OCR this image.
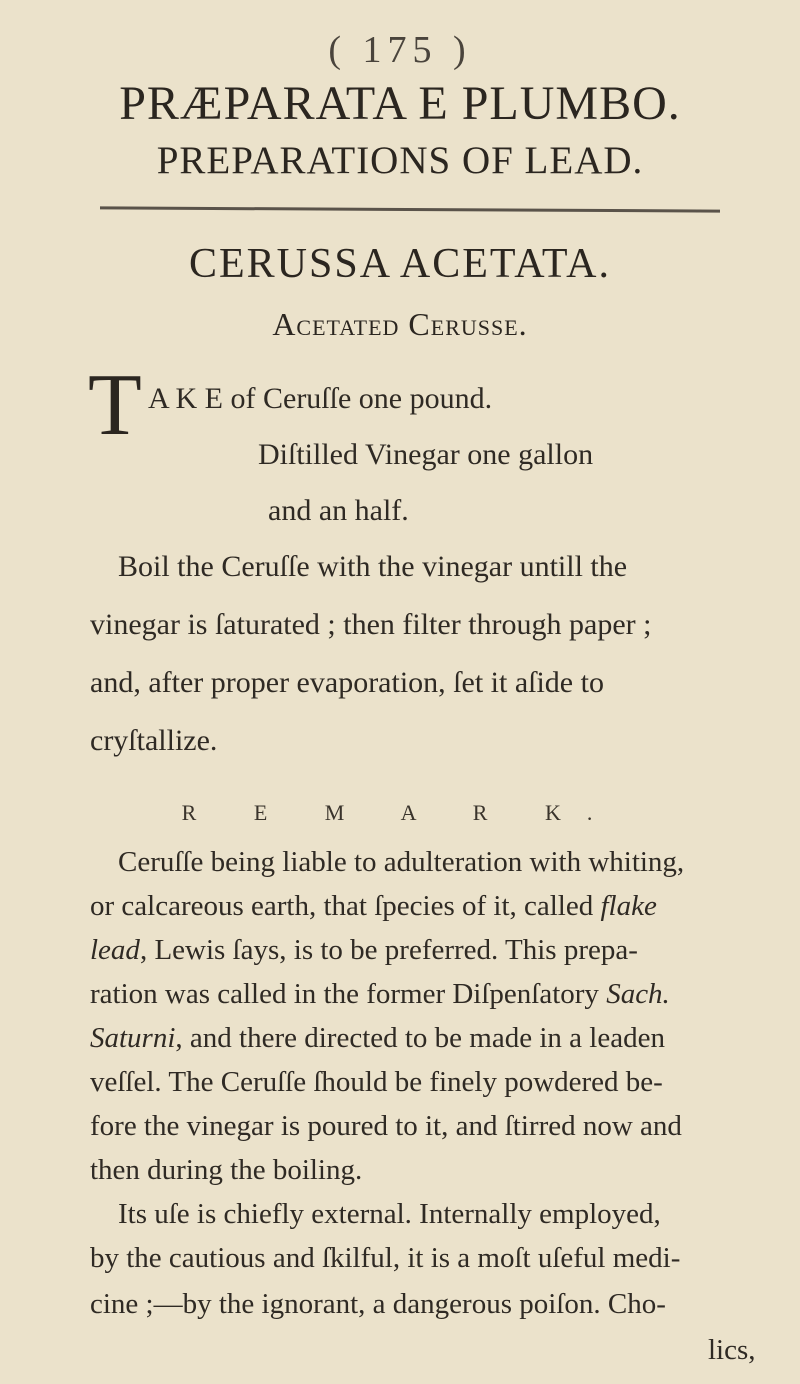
( 175 )
PRÆPARATA E PLUMBO.
PREPARATIONS OF LEAD.
CERUSSA ACETATA.
Acetated Cerusse.
T A K E of Ceruſſe one pound.
Diſtilled Vinegar one gallon
and an half.
Boil the Ceruſſe with the vinegar untill the
vinegar is ſaturated ; then filter through paper ;
and, after proper evaporation, ſet it aſide to
cryſtallize.
R E M A R K.
Ceruſſe being liable to adulteration with whiting,
or calcareous earth, that ſpecies of it, called flake
lead, Lewis ſays, is to be preferred. This prepa-
ration was called in the former Diſpenſatory Sach.
Saturni, and there directed to be made in a leaden
veſſel. The Ceruſſe ſhould be finely powdered be-
fore the vinegar is poured to it, and ſtirred now and
then during the boiling.
Its uſe is chiefly external. Internally employed,
by the cautious and ſkilful, it is a moſt uſeful medi-
cine ;—by the ignorant, a dangerous poiſon. Cho-
lics,
